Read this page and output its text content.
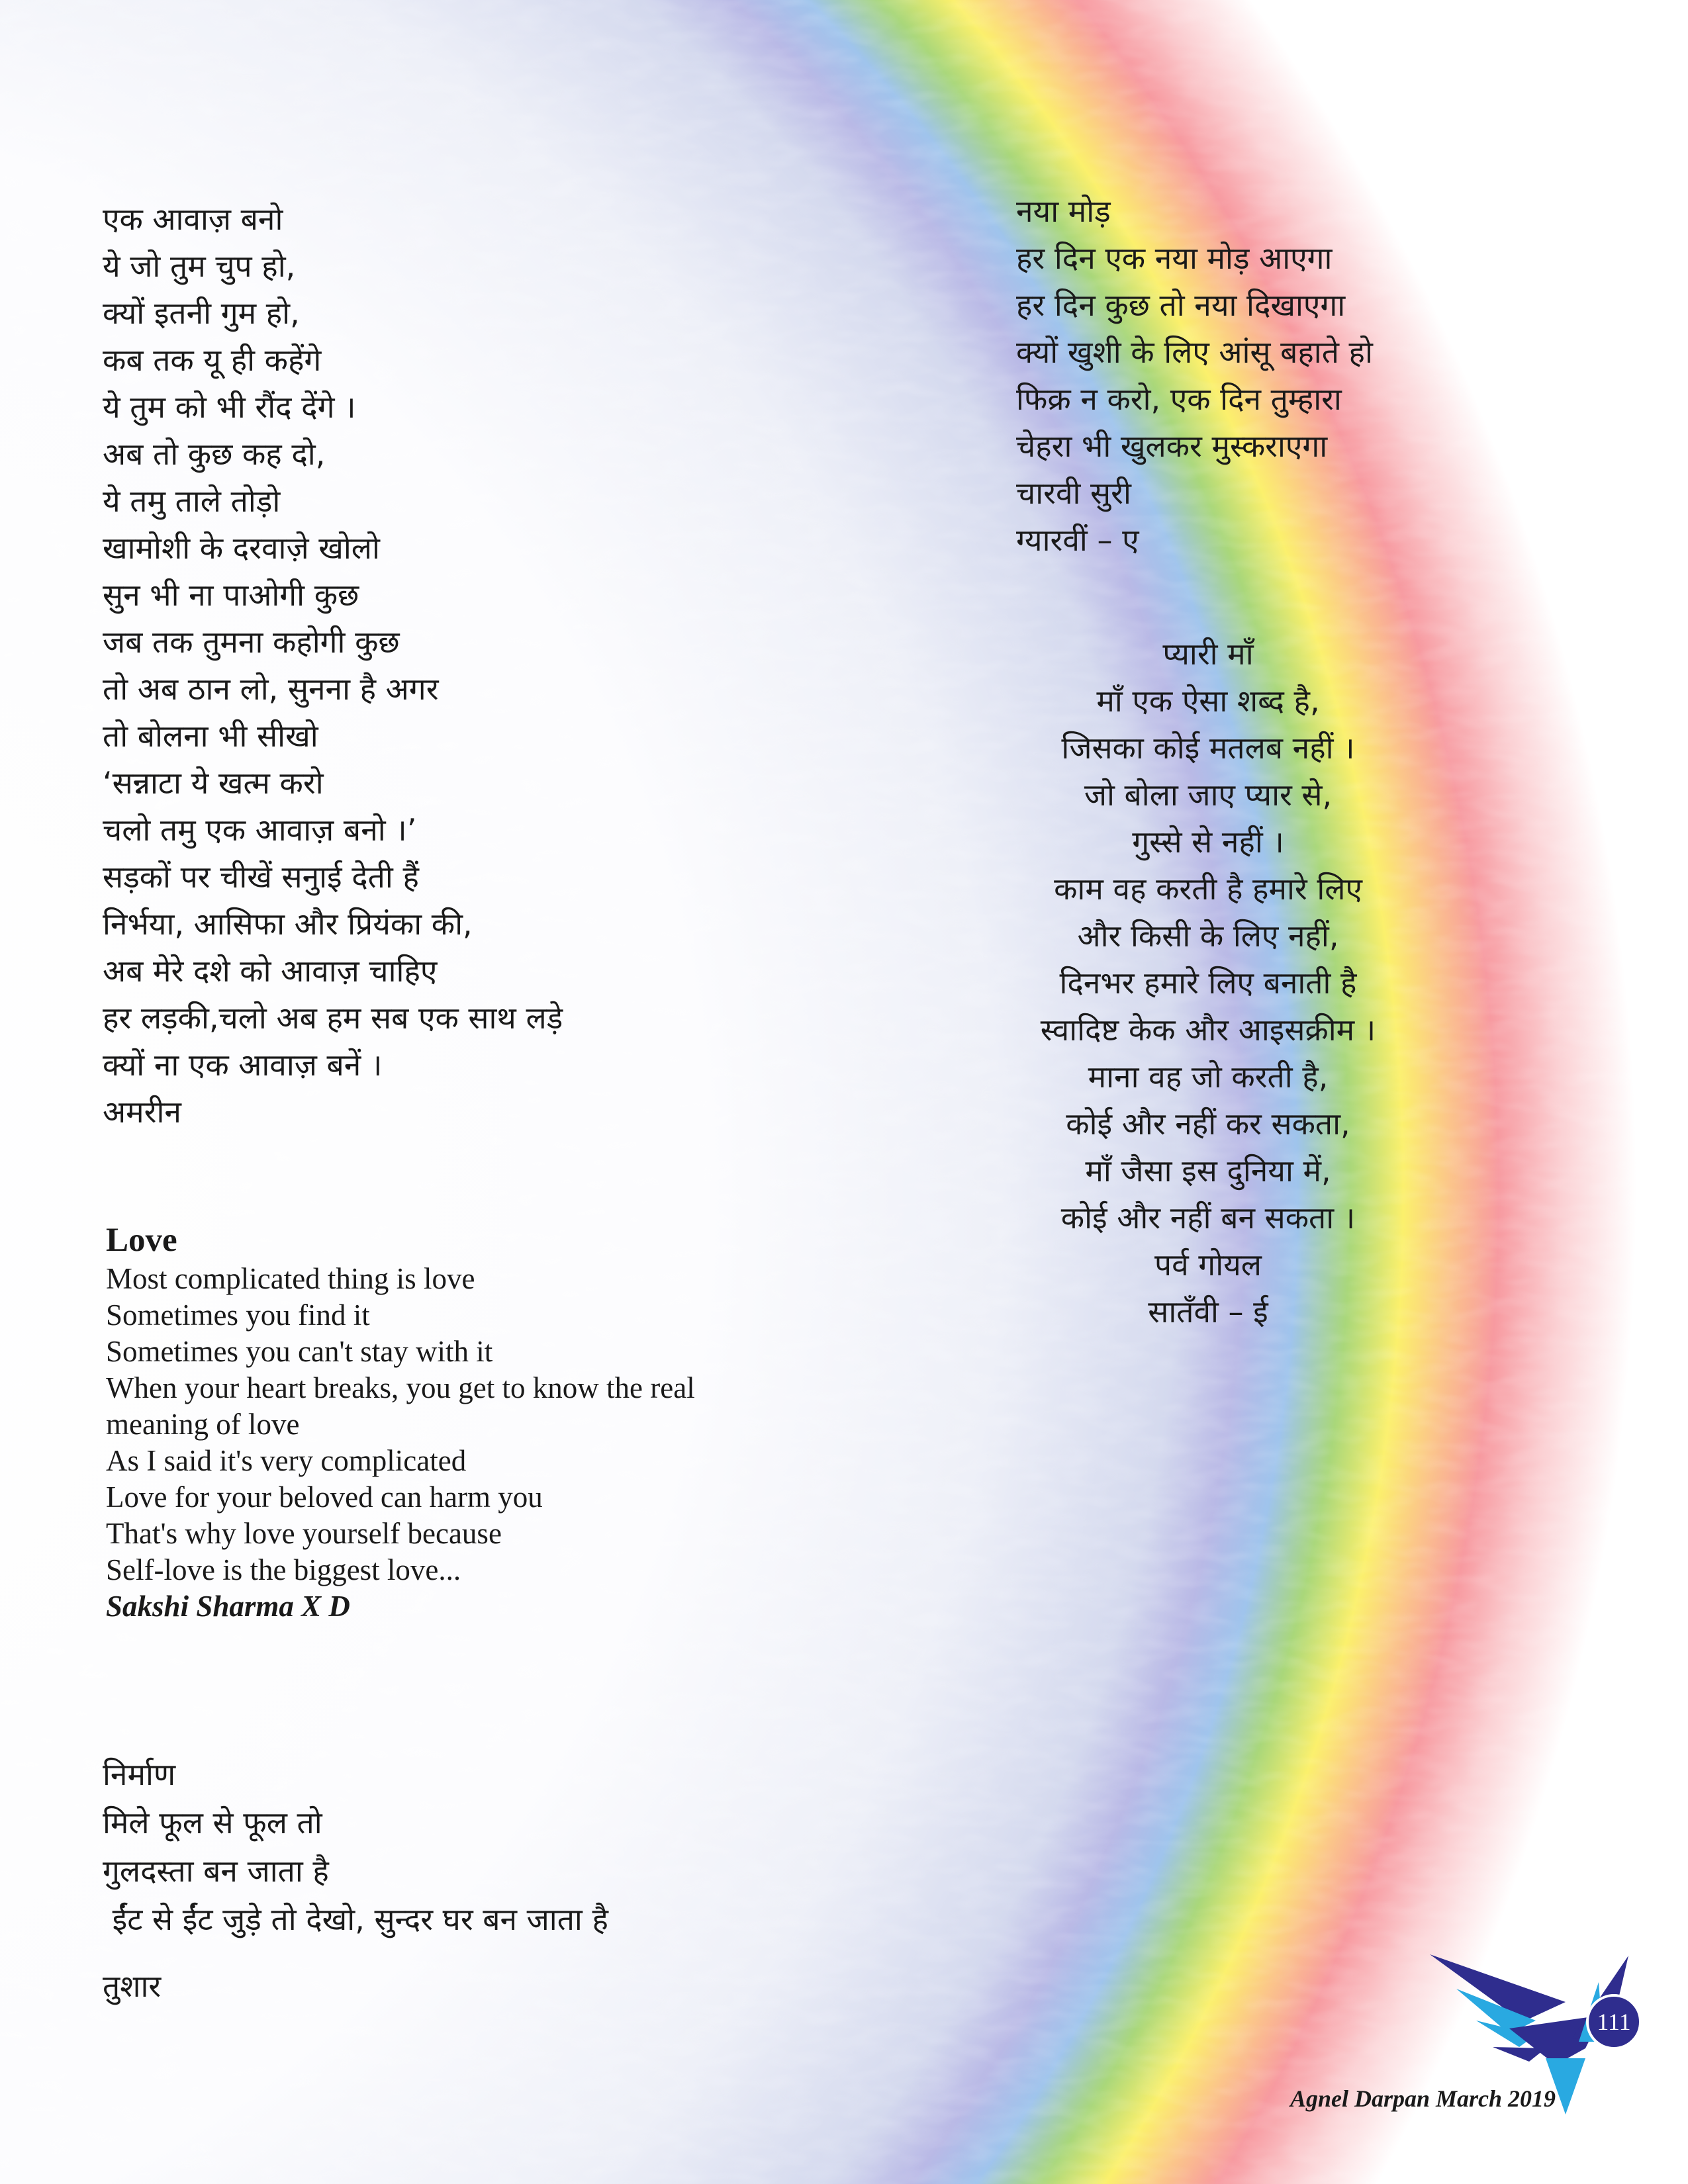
एक आवाज़ बनो
ये जो तुम चुप हो,
क्यों इतनी गुम हो,
कब तक यू ही कहेंगे
ये तुम को भी रौंद देंगे ।
अब तो कुछ कह दो,
ये तमु ताले तोड़ो
खामोशी के दरवाज़े खोलो
सुन भी ना पाओगी कुछ
जब तक तुमना कहोगी कुछ
तो अब ठान लो, सुनना है अगर
तो बोलना भी सीखो
‘सन्नाटा ये खत्म करो
चलो तमु एक आवाज़ बनो ।’
सड़कों पर चीखें सनुाई देती हैं
निर्भया, आसिफा और प्रियंका की,
अब मेरे दशे को आवाज़ चाहिए
हर लड़की,चलो अब हम सब एक साथ लड़े
क्यों ना एक आवाज़ बनें ।
अमरीन
Love
Most complicated thing is love
Sometimes you find it
Sometimes you can't stay with it
When your heart breaks, you get to know the real
meaning of love
As I said it's very complicated
Love for your beloved can harm you
That's why love yourself because
Self-love is the biggest love...
Sakshi Sharma X D
निर्माण
मिले फूल से फूल तो
गुलदस्ता बन जाता है
ईंट से ईंट जुड़े तो देखो, सुन्दर घर बन जाता है
तुशार
नया मोड़
हर दिन एक नया मोड़ आएगा
हर दिन कुछ तो नया दिखाएगा
क्यों खुशी के लिए आंसू बहाते हो
फिक्र न करो, एक दिन तुम्हारा
चेहरा भी खुलकर मुस्कराएगा
चारवी सुरी
ग्यारवीं – ए
प्यारी माँ
माँ एक ऐसा शब्द है,
जिसका कोई मतलब नहीं ।
जो बोला जाए प्यार से,
गुस्से से नहीं ।
काम वह करती है हमारे लिए
और किसी के लिए नहीं,
दिनभर हमारे लिए बनाती है
स्वादिष्ट केक और आइसक्रीम ।
माना वह जो करती है,
कोई और नहीं कर सकता,
माँ जैसा इस दुनिया में,
कोई और नहीं बन सकता ।
पर्व गोयल
सातँवी – ई
111
Agnel Darpan March 2019
